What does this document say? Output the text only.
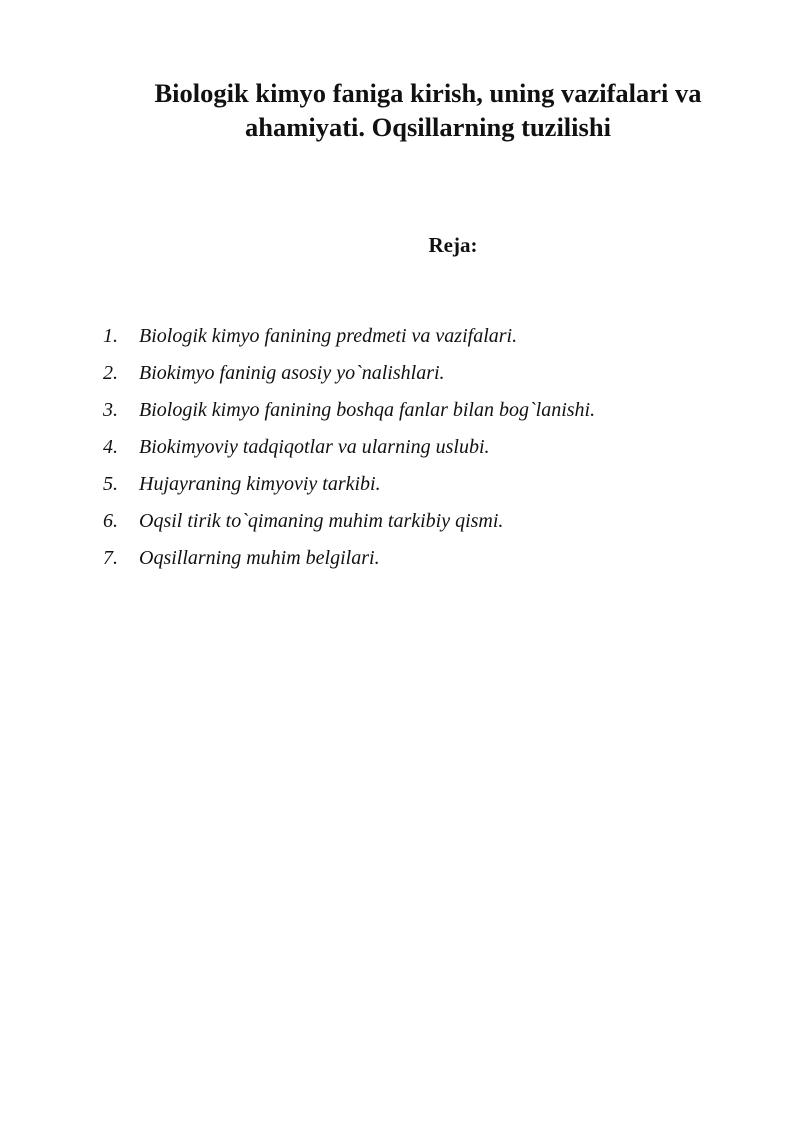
Biologik kimyo faniga kirish, uning vazifalari va
ahamiyati. Oqsillarning tuzilishi
Reja:
1.	Biologik kimyo fanining predmeti va vazifalari.
2.	Biokimyo faninig asosiy yo`nalishlari.
3.	Biologik kimyo fanining boshqa fanlar bilan bog`lanishi.
4.	Biokimyoviy tadqiqotlar va ularning uslubi.
5.	Hujayraning kimyoviy tarkibi.
6.	Oqsil tirik to`qimaning muhim tarkibiy qismi.
7.	Oqsillarning muhim belgilari.
